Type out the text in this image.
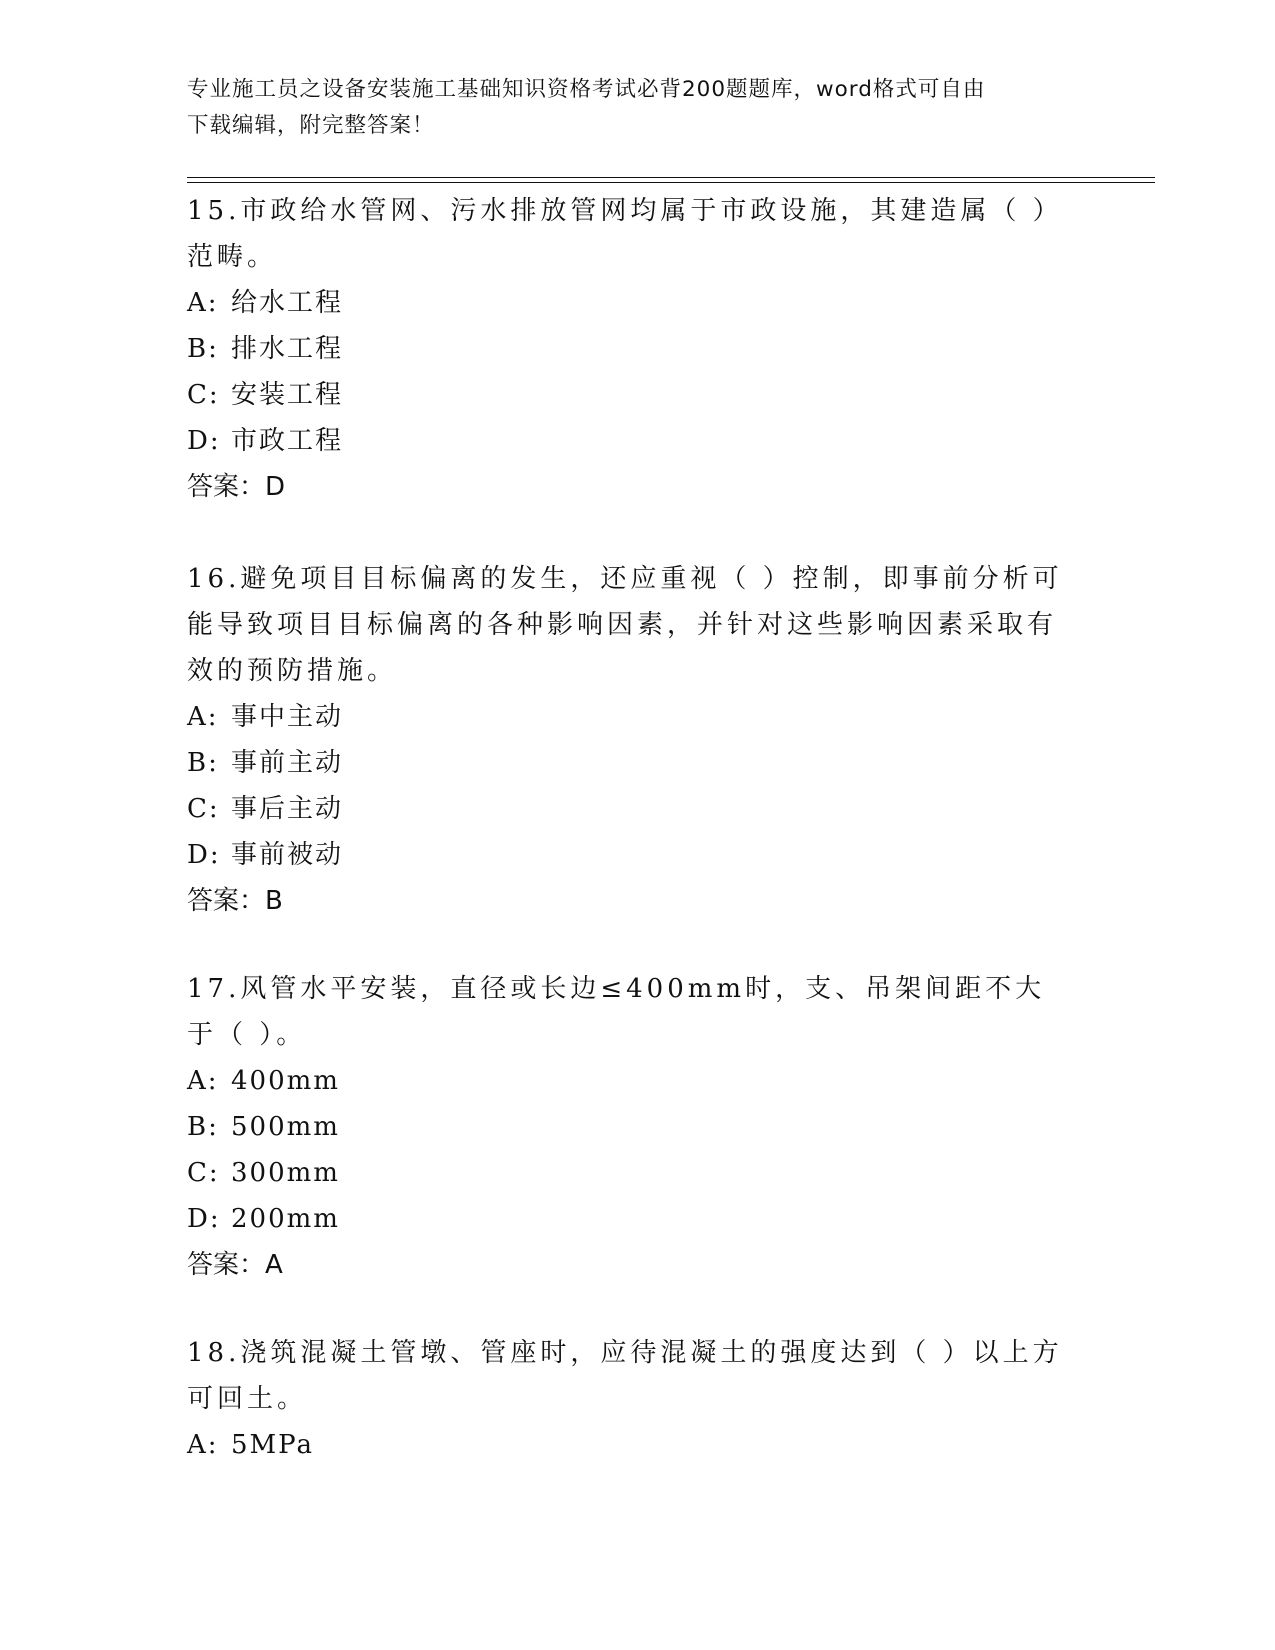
专业施工员之设备安装施工基础知识资格考试必背200题题库，word格式可自由
下载编辑，附完整答案！
15.市政给水管网、污水排放管网均属于市政设施，其建造属（ ）范畴。
A: 给水工程
B: 排水工程
C: 安装工程
D: 市政工程
答案：D
16.避免项目目标偏离的发生，还应重视（ ）控制，即事前分析可能导致项目目标偏离的各种影响因素，并针对这些影响因素采取有效的预防措施。
A: 事中主动
B: 事前主动
C: 事后主动
D: 事前被动
答案：B
17.风管水平安装，直径或长边≤400mm时，支、吊架间距不大于（ ）。
A: 400mm
B: 500mm
C: 300mm
D: 200mm
答案：A
18.浇筑混凝土管墩、管座时，应待混凝土的强度达到（ ）以上方可回土。
A: 5MPa
